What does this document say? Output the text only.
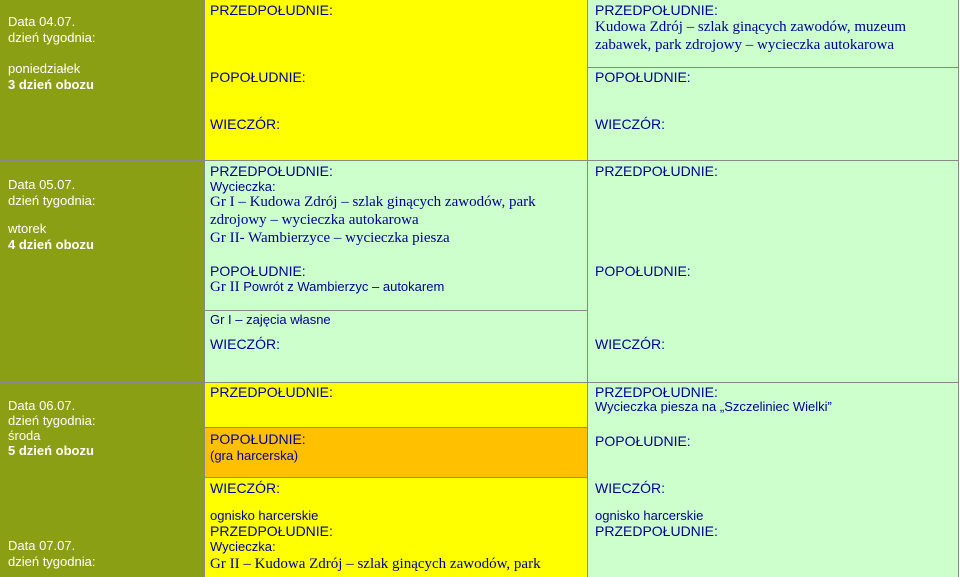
Data 04.07.
dzień tygodnia:
poniedziałek
3 dzień obozu
PRZEDPOŁUDNIE:
POPOŁUDNIE:
WIECZÓR:
PRZEDPOŁUDNIE:
Kudowa Zdrój – szlak ginących zawodów, muzeum
zabawek, park zdrojowy – wycieczka autokarowa
POPOŁUDNIE:
WIECZÓR:
Data 05.07.
dzień tygodnia:
wtorek
4 dzień obozu
PRZEDPOŁUDNIE:
Wycieczka:
Gr I – Kudowa Zdrój – szlak ginących zawodów, park
zdrojowy – wycieczka autokarowa
Gr II- Wambierzyce – wycieczka piesza
POPOŁUDNIE:
Gr II Powrót z Wambierzyc – autokarem
Gr I – zajęcia własne
WIECZÓR:
PRZEDPOŁUDNIE:
POPOŁUDNIE:
WIECZÓR:
Data 06.07.
dzień tygodnia:
środa
5 dzień obozu
Data 07.07.
dzień tygodnia:
PRZEDPOŁUDNIE:
POPOŁUDNIE:
(gra harcerska)
WIECZÓR:
ognisko harcerskie
PRZEDPOŁUDNIE:
Wycieczka:
Gr II – Kudowa Zdrój – szlak ginących zawodów, park
PRZEDPOŁUDNIE:
Wycieczka piesza na „Szczeliniec Wielki”
POPOŁUDNIE:
WIECZÓR:
ognisko harcerskie
PRZEDPOŁUDNIE:
